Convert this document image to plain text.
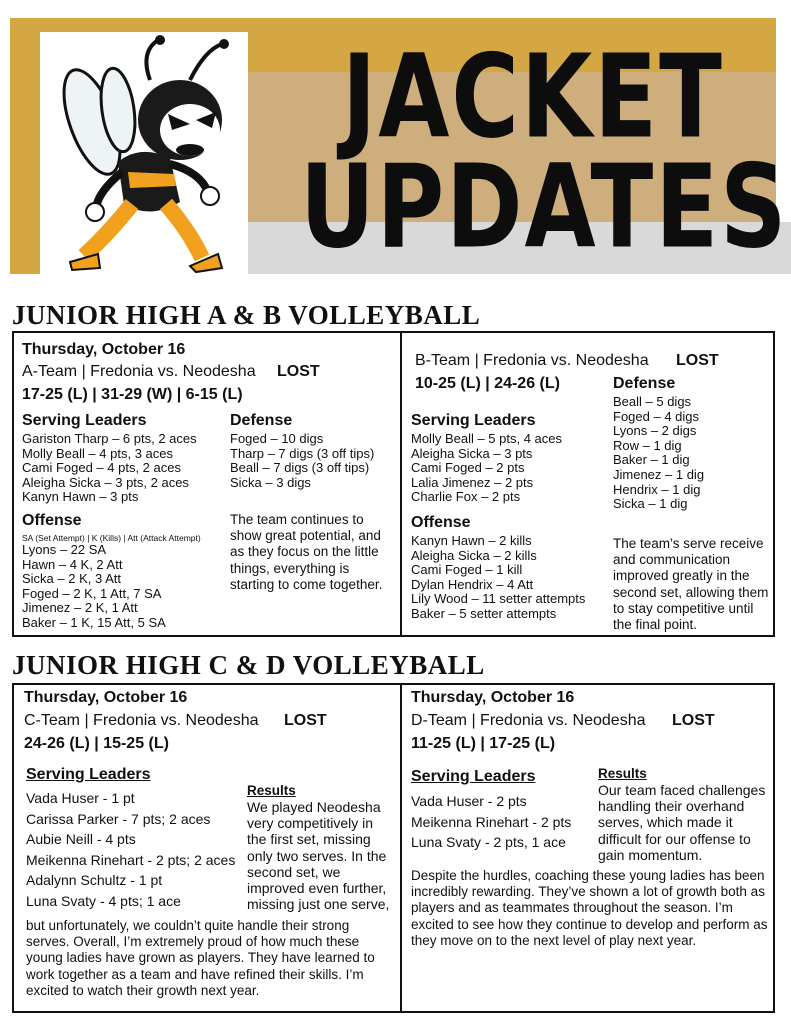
JACKET
UPDATES
JUNIOR HIGH A & B VOLLEYBALL
Thursday, October 16
A-Team | Fredonia vs. Neodesha LOST
17-25 (L) | 31-29 (W) | 6-15 (L)
Serving Leaders
Gariston Tharp – 6 pts, 2 aces
Molly Beall – 4 pts, 3 aces
Cami Foged – 4 pts, 2 aces
Aleigha Sicka – 3 pts, 2 aces
Kanyn Hawn – 3 pts
Offense
SA (Set Attempt) | K (Kills) | Att (Attack Attempt)
Lyons – 22 SA
Hawn – 4 K, 2 Att
Sicka – 2 K, 3 Att
Foged – 2 K, 1 Att, 7 SA
Jimenez – 2 K, 1 Att
Baker – 1 K, 15 Att, 5 SA
Defense
Foged – 10 digs
Tharp – 7 digs (3 off tips)
Beall – 7 digs (3 off tips)
Sicka – 3 digs
The team continues to show great potential, and as they focus on the little things, everything is starting to come together.
B-Team | Fredonia vs. Neodesha LOST
10-25 (L) | 24-26 (L)
Serving Leaders
Molly Beall – 5 pts, 4 aces
Aleigha Sicka – 3 pts
Cami Foged – 2 pts
Lalia Jimenez – 2 pts
Charlie Fox – 2 pts
Offense
Kanyn Hawn – 2 kills
Aleigha Sicka – 2 kills
Cami Foged – 1 kill
Dylan Hendrix – 4 Att
Lily Wood – 11 setter attempts
Baker – 5 setter attempts
Defense
Beall – 5 digs
Foged – 4 digs
Lyons – 2 digs
Row – 1 dig
Baker – 1 dig
Jimenez – 1 dig
Hendrix – 1 dig
Sicka – 1 dig
The team’s serve receive and communication improved greatly in the second set, allowing them to stay competitive until the final point.
JUNIOR HIGH C & D VOLLEYBALL
Thursday, October 16
C-Team | Fredonia vs. Neodesha LOST
24-26 (L) | 15-25 (L)
Serving Leaders
Vada Huser - 1 pt
Carissa Parker - 7 pts; 2 aces
Aubie Neill - 4 pts
Meikenna Rinehart - 2 pts; 2 aces
Adalynn Schultz - 1 pt
Luna Svaty - 4 pts; 1 ace
Results
We played Neodesha
very competitively in
the first set, missing
only two serves. In the
second set, we
improved even further,
missing just one serve,
but unfortunately, we couldn’t quite handle their strong serves. Overall, I’m extremely proud of how much these young ladies have grown as players. They have learned to work together as a team and have refined their skills. I’m excited to watch their growth next year.
Thursday, October 16
D-Team | Fredonia vs. Neodesha LOST
11-25 (L) | 17-25 (L)
Serving Leaders
Vada Huser - 2 pts
Meikenna Rinehart - 2 pts
Luna Svaty - 2 pts, 1 ace
Results
Our team faced challenges
handling their overhand
serves, which made it
difficult for our offense to
gain momentum.
Despite the hurdles, coaching these young ladies has been incredibly rewarding. They’ve shown a lot of growth both as players and as teammates throughout the season. I’m excited to see how they continue to develop and perform as they move on to the next level of play next year.
